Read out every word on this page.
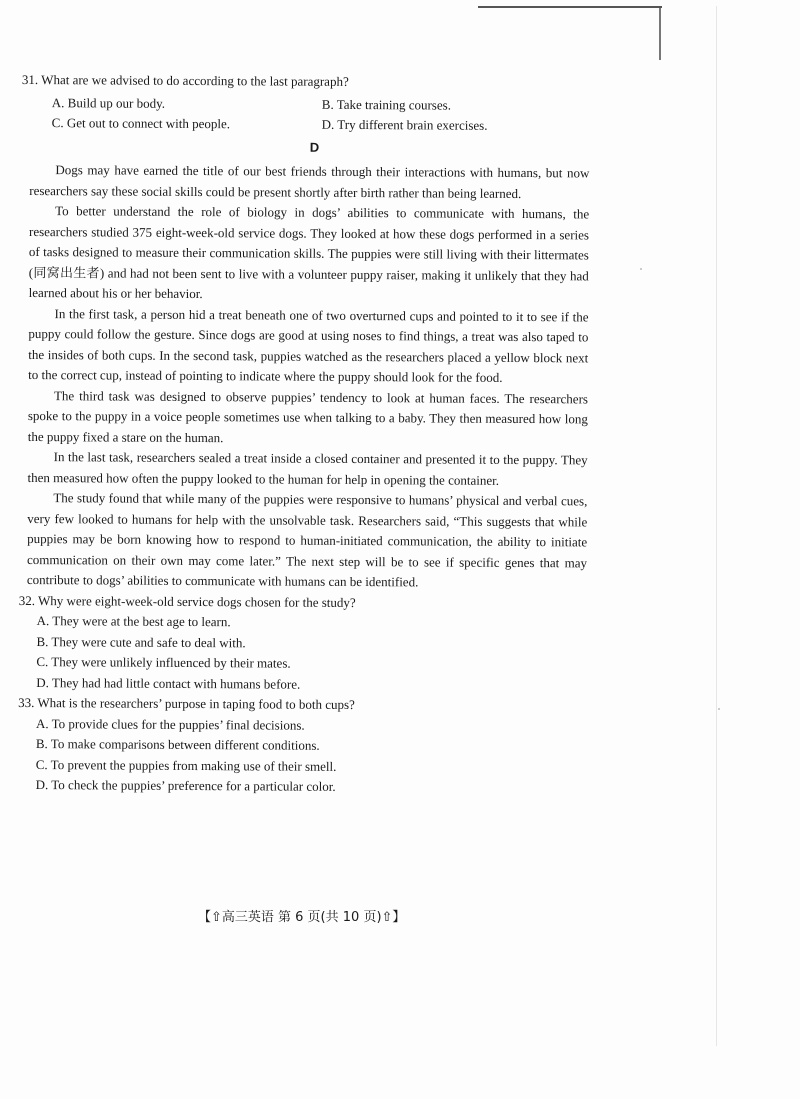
31. What are we advised to do according to the last paragraph?

A. Build up our body.	B. Take training courses.
C. Get out to connect with people.	D. Try different brain exercises.
D

Dogs may have earned the title of our best friends through their interactions with humans, but now researchers say these social skills could be present shortly after birth rather than being learned.

To better understand the role of biology in dogs’ abilities to communicate with humans, the researchers studied 375 eight-week-old service dogs. They looked at how these dogs performed in a series of tasks designed to measure their communication skills. The puppies were still living with their littermates (同窝出生者) and had not been sent to live with a volunteer puppy raiser, making it unlikely that they had learned about his or her behavior.

In the first task, a person hid a treat beneath one of two overturned cups and pointed to it to see if the puppy could follow the gesture. Since dogs are good at using noses to find things, a treat was also taped to the insides of both cups. In the second task, puppies watched as the researchers placed a yellow block next to the correct cup, instead of pointing to indicate where the puppy should look for the food.

The third task was designed to observe puppies’ tendency to look at human faces. The researchers spoke to the puppy in a voice people sometimes use when talking to a baby. They then measured how long the puppy fixed a stare on the human.

In the last task, researchers sealed a treat inside a closed container and presented it to the puppy. They then measured how often the puppy looked to the human for help in opening the container.

The study found that while many of the puppies were responsive to humans’ physical and verbal cues, very few looked to humans for help with the unsolvable task. Researchers said, “This suggests that while puppies may be born knowing how to respond to human-initiated communication, the ability to initiate communication on their own may come later.” The next step will be to see if specific genes that may contribute to dogs’ abilities to communicate with humans can be identified.

32. Why were eight-week-old service dogs chosen for the study?

A. They were at the best age to learn.
B. They were cute and safe to deal with.
C. They were unlikely influenced by their mates.
D. They had had little contact with humans before.

33. What is the researchers’ purpose in taping food to both cups?

A. To provide clues for the puppies’ final decisions.
B. To make comparisons between different conditions.
C. To prevent the puppies from making use of their smell.
D. To check the puppies’ preference for a particular color.
【⇧高三英语 第 6 页(共 10 页)⇧】
